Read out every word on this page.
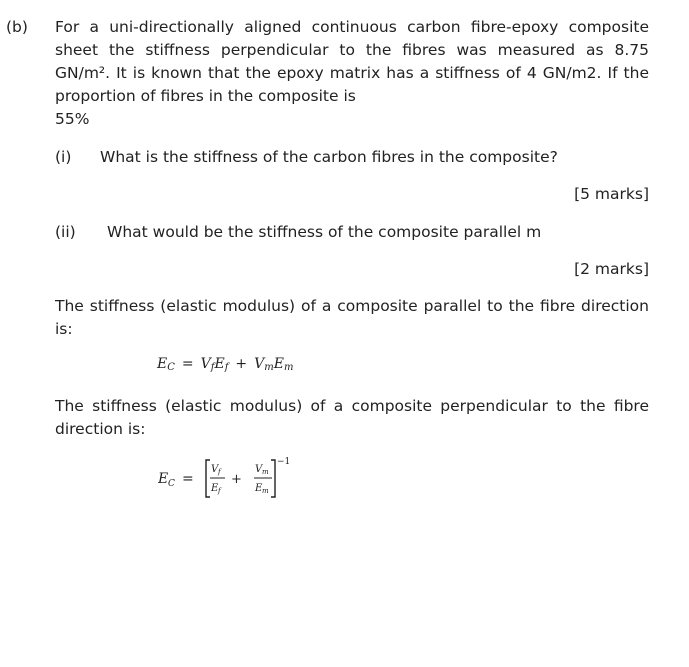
(b) For a uni-directionally aligned continuous carbon fibre-epoxy composite sheet the stiffness perpendicular to the fibres was measured as 8.75 GN/m². It is known that the epoxy matrix has a stiffness of 4 GN/m2. If the proportion of fibres in the composite is
55%
(i) What is the stiffness of the carbon fibres in the composite?
[5 marks]
(ii) What would be the stiffness of the composite parallel m
[2 marks]
The stiffness (elastic modulus) of a composite parallel to the fibre direction is:
$E_C = V_fE_f + V_mE_m$
The stiffness (elastic modulus) of a composite perpendicular to the fibre direction is:
E C =
V f
E f
+
V m
E m
−1
